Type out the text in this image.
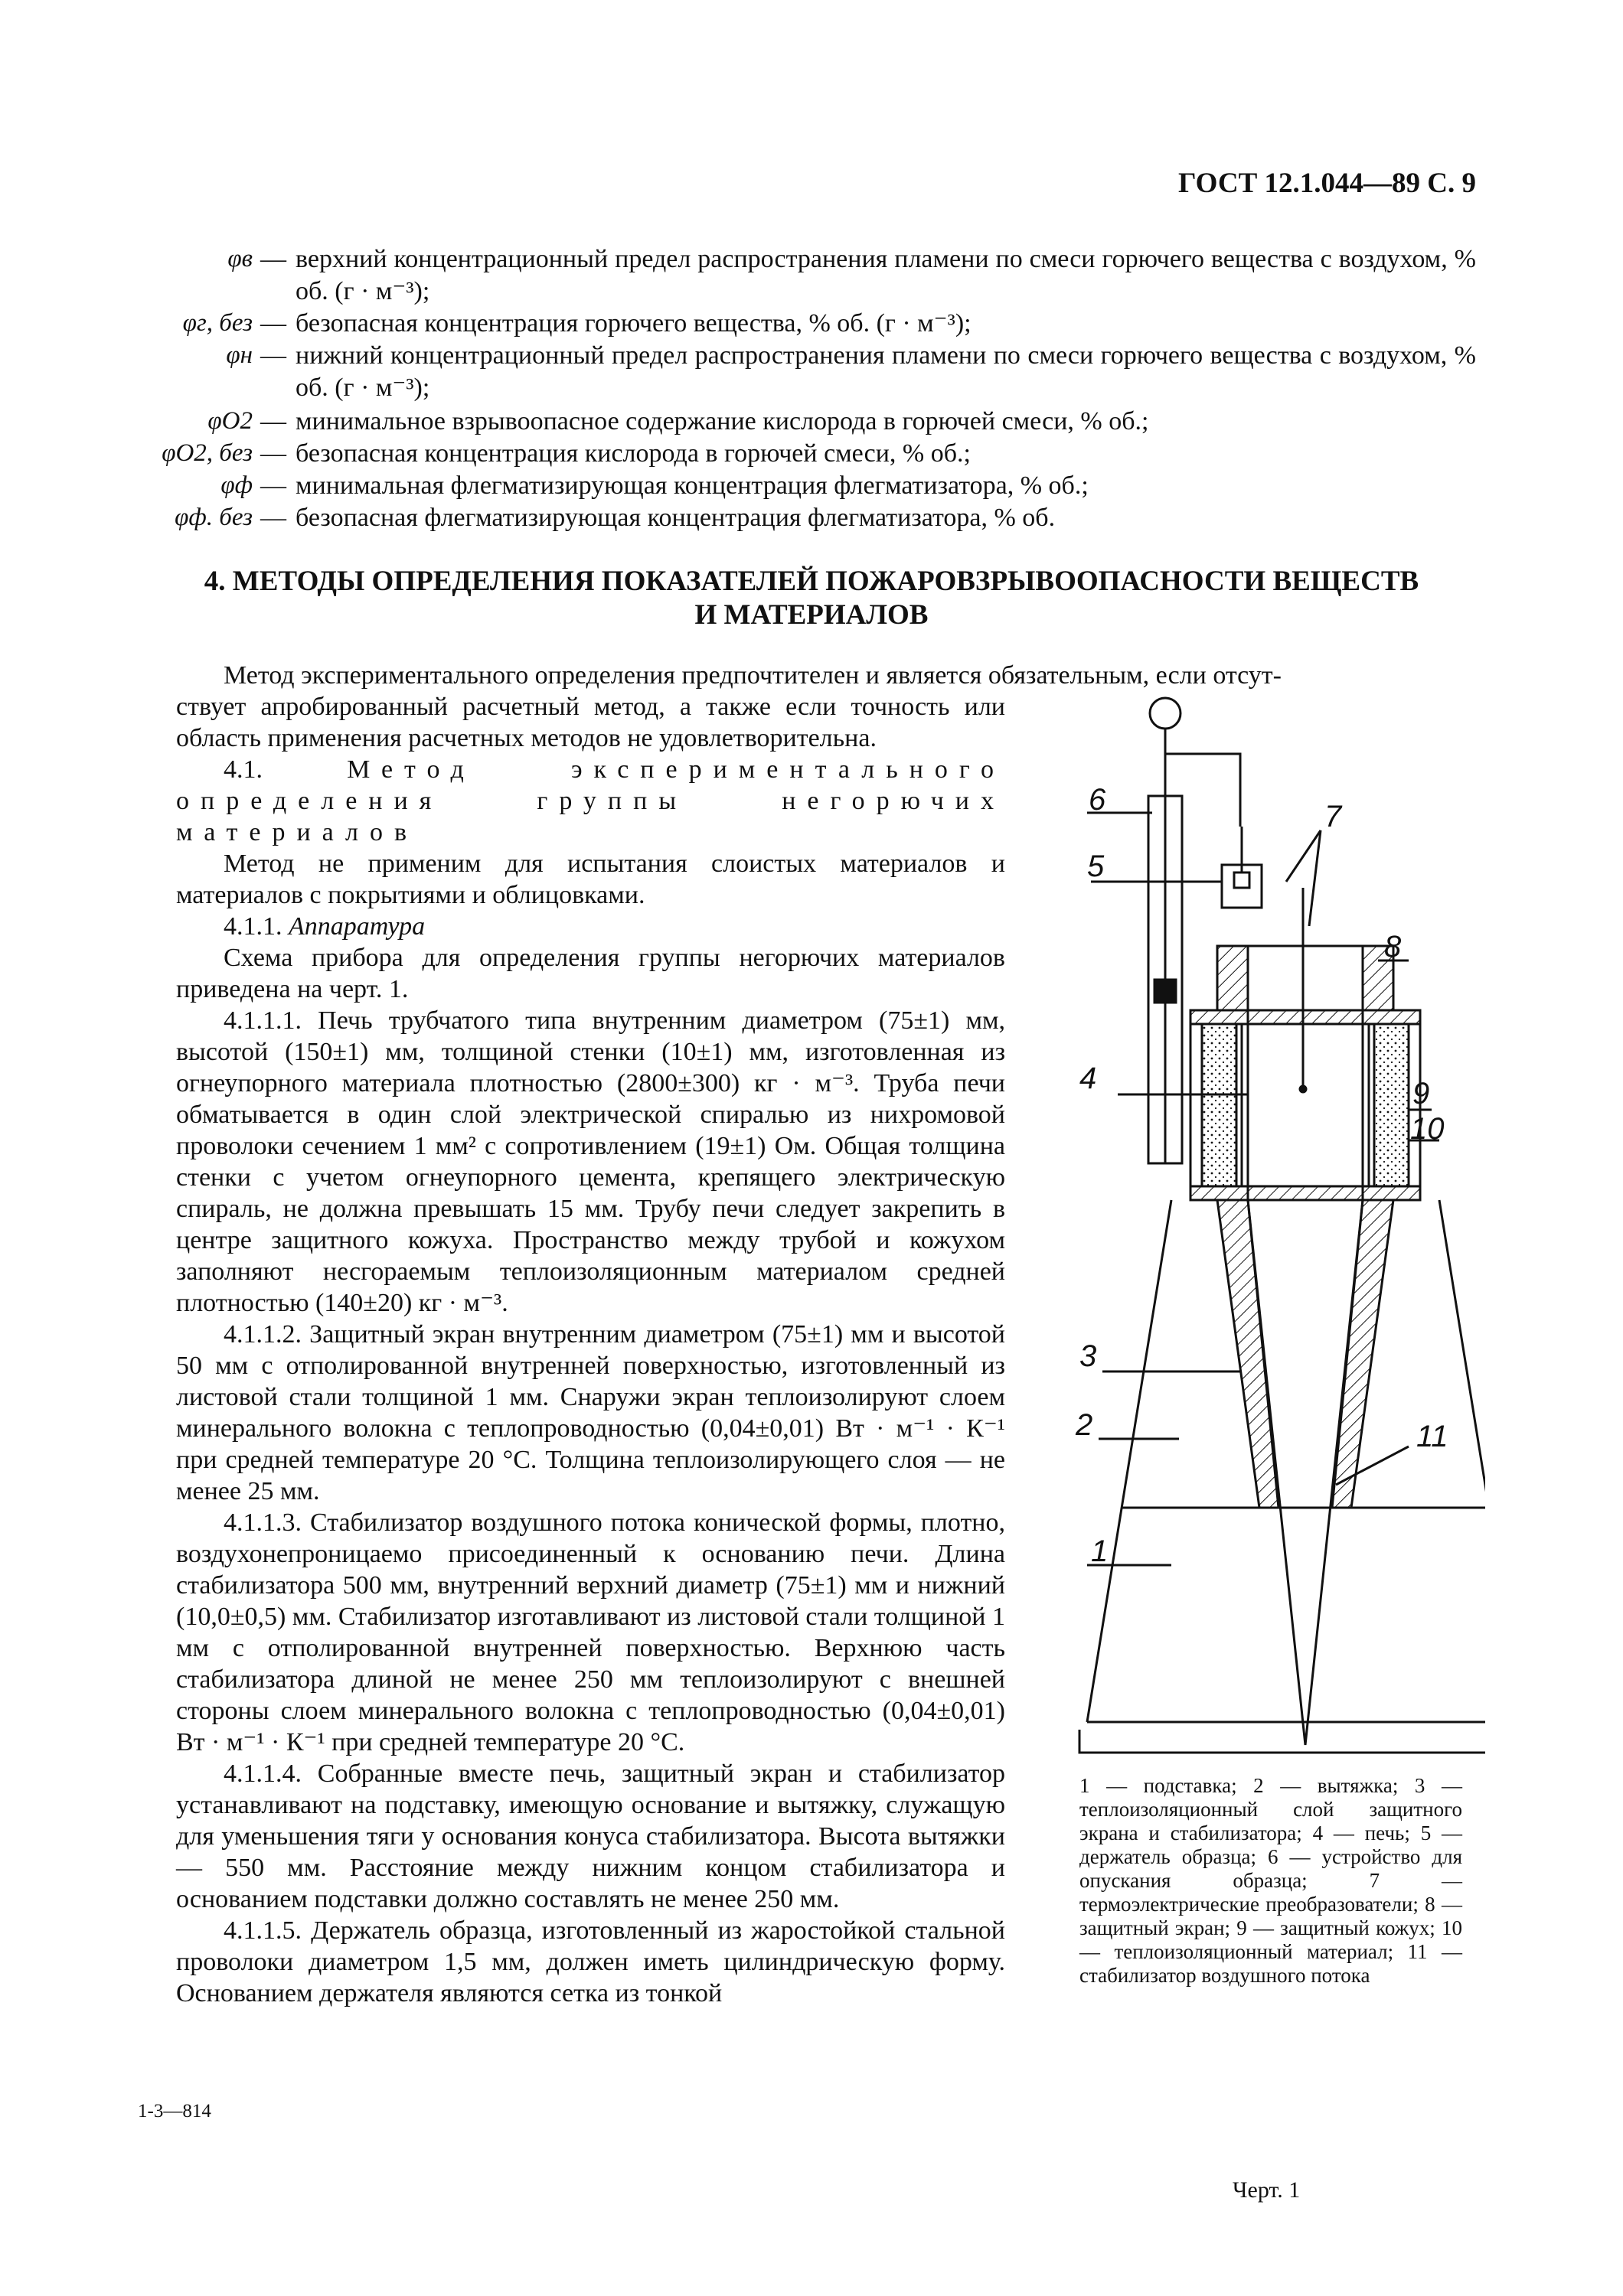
ГОСТ 12.1.044—89 С. 9
φв — верхний концентрационный предел распространения пламени по смеси горючего вещества с воздухом, % об. (г · м⁻³);
φг, без — безопасная концентрация горючего вещества, % об. (г · м⁻³);
φн — нижний концентрационный предел распространения пламени по смеси горючего вещества с воздухом, % об. (г · м⁻³);
φO2 — минимальное взрывоопасное содержание кислорода в горючей смеси, % об.;
φO2, без — безопасная концентрация кислорода в горючей смеси, % об.;
φф — минимальная флегматизирующая концентрация флегматизатора, % об.;
φф. без — безопасная флегматизирующая концентрация флегматизатора, % об.
4. МЕТОДЫ ОПРЕДЕЛЕНИЯ ПОКАЗАТЕЛЕЙ ПОЖАРОВЗРЫВООПАСНОСТИ ВЕЩЕСТВ
И МАТЕРИАЛОВ
Метод экспериментального определения предпочтителен и является обязательным, если отсут-

ствует апробированный расчетный метод, а также если точность или область применения расчетных методов не удовлетворительна.

4.1.	Метод экспериментального определения группы негорючих материалов

Метод не применим для испытания слоистых материалов и материалов с покрытиями и облицовками.

4.1.1. Аппаратура

Схема прибора для определения группы негорючих материалов приведена на черт. 1.

4.1.1.1. Печь трубчатого типа внутренним диаметром (75±1) мм, высотой (150±1) мм, толщиной стенки (10±1) мм, изготовленная из огнеупорного материала плотностью (2800±300) кг · м⁻³. Труба печи обматывается в один слой электрической спиралью из нихромовой проволоки сечением 1 мм² с сопротивлением (19±1) Ом. Общая толщина стенки с учетом огнеупорного цемента, крепящего электрическую спираль, не должна превышать 15 мм. Трубу печи следует закрепить в центре защитного кожуха. Пространство между трубой и кожухом заполняют несгораемым теплоизоляционным материалом средней плотностью (140±20) кг · м⁻³.

4.1.1.2. Защитный экран внутренним диаметром (75±1) мм и высотой 50 мм с отполированной внутренней поверхностью, изготовленный из листовой стали толщиной 1 мм. Снаружи экран теплоизолируют слоем минерального волокна с теплопроводностью (0,04±0,01) Вт · м⁻¹ · К⁻¹ при средней температуре 20 °С. Толщина теплоизолирующего слоя — не менее 25 мм.

4.1.1.3. Стабилизатор воздушного потока конической формы, плотно, воздухонепроницаемо присоединенный к основанию печи. Длина стабилизатора 500 мм, внутренний верхний диаметр (75±1) мм и нижний (10,0±0,5) мм. Стабилизатор изготавливают из листовой стали толщиной 1 мм с отполированной внутренней поверхностью. Верхнюю часть стабилизатора длиной не менее 250 мм теплоизолируют с внешней стороны слоем минерального волокна с теплопроводностью (0,04±0,01) Вт · м⁻¹ · К⁻¹ при средней температуре 20 °С.

4.1.1.4. Собранные вместе печь, защитный экран и стабилизатор устанавливают на подставку, имеющую основание и вытяжку, служащую для уменьшения тяги у основания конуса стабилизатора. Высота вытяжки — 550 мм. Расстояние между нижним концом стабилизатора и основанием подставки должно составлять не менее 250 мм.

4.1.1.5. Держатель образца, изготовленный из жаростойкой стальной проволоки диаметром 1,5 мм, должен иметь цилиндрическую форму. Основанием держателя являются сетка из тонкой

6
5
7
8
9
10
4
3
2	11
1
1 — подставка; 2 — вытяжка; 3 — теплоизоляционный слой защитного экрана и стабилизатора; 4 — печь; 5 — держатель образца; 6 — устройство для опускания образца; 7 — термоэлектрические преобразователи; 8 — защитный экран; 9 — защитный кожух; 10 — теплоизоляционный материал; 11 — стабилизатор воздушного потока
Черт. 1
1-3—814
